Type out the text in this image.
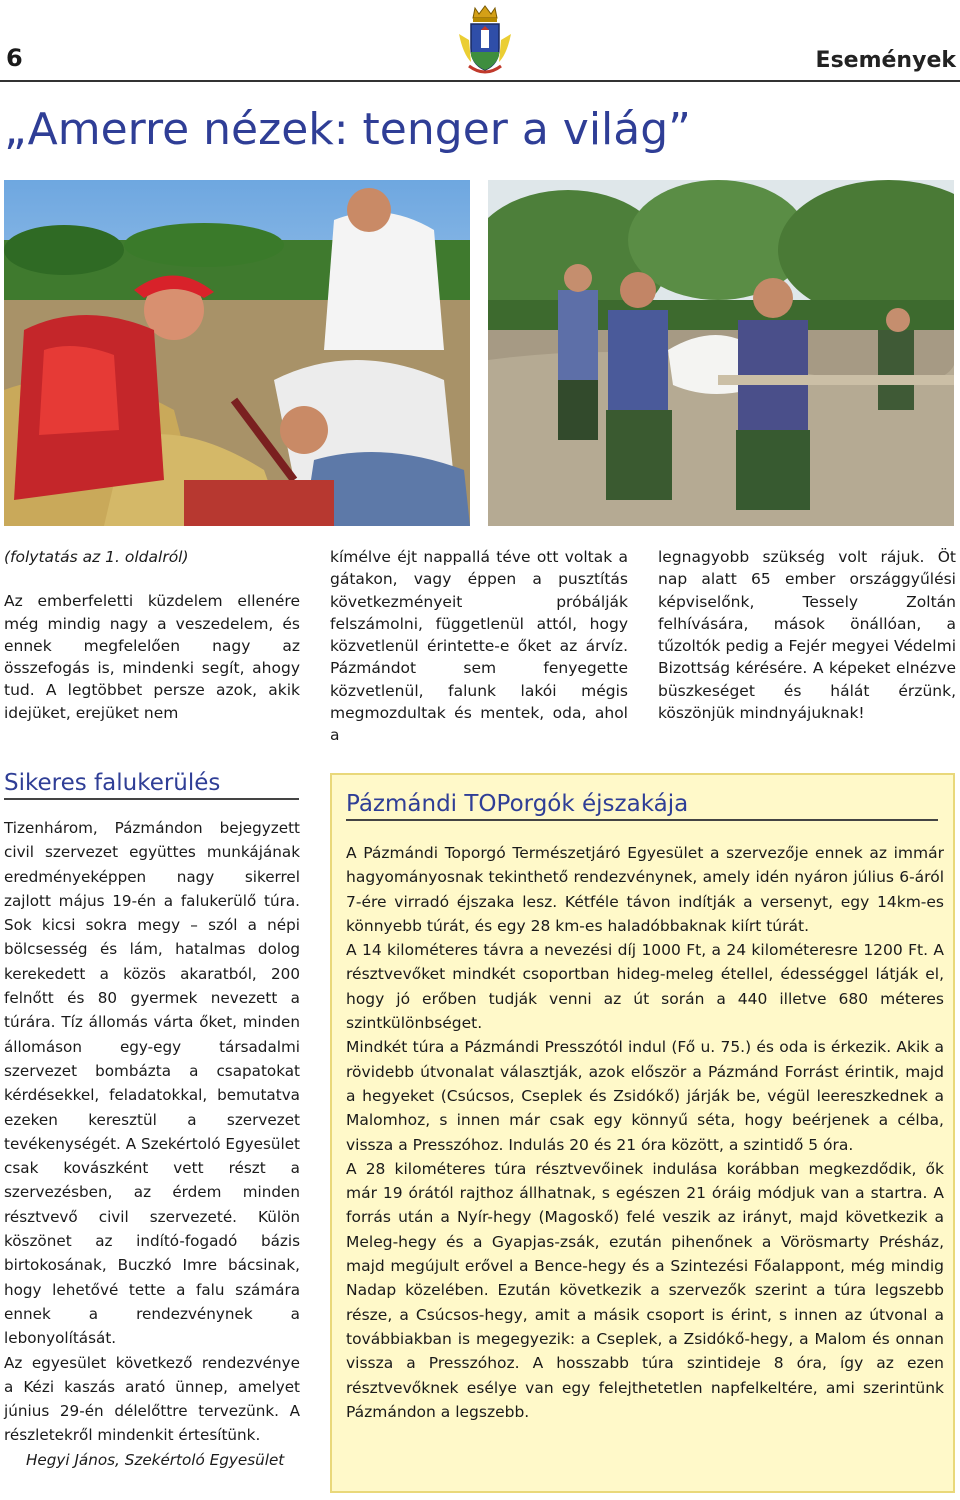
6	Események
„Amerre nézek: tenger a világ”

(folytatás az 1. oldalról)

Az emberfeletti küzdelem ellenére még mindig nagy a veszedelem, és ennek megfelelően nagy az összefogás is, mindenki segít, ahogy tud. A legtöbbet persze azok, akik idejüket, erejüket nem

kímélve éjt nappallá téve ott voltak a gátakon, vagy éppen a pusztítás következményeit próbálják felszámolni, függetlenül attól, hogy közvetlenül érintette-e őket az árvíz. Pázmándot sem fenyegette közvetlenül, falunk lakói mégis megmozdultak és mentek, oda, ahol a

legnagyobb szükség volt rájuk. Öt nap alatt 65 ember országgyűlési képviselőnk, Tessely Zoltán felhívására, mások önállóan, a tűzoltók pedig a Fejér megyei Védelmi Bizottság kérésére. A képeket elnézve büszkeséget és hálát érzünk, köszönjük mindnyájuknak!

Sikeres falukerülés

Tizenhárom, Pázmándon bejegyzett civil szervezet együttes munkájának eredményeképpen nagy sikerrel zajlott május 19-én a falukerülő túra. Sok kicsi sokra megy – szól a népi bölcsesség és lám, hatalmas dolog kerekedett a közös akaratból, 200 felnőtt és 80 gyermek nevezett a túrára. Tíz állomás várta őket, minden állomáson egy-egy társadalmi szervezet bombázta a csapatokat kérdésekkel, feladatokkal, bemutatva ezeken keresztül a szervezet tevékenységét. A Szekértoló Egyesület csak kovászként vett részt a szervezésben, az érdem minden résztvevő civil szervezeté. Külön köszönet az indító-fogadó bázis birtokosának, Buczkó Imre bácsinak, hogy lehetővé tette a falu számára ennek a rendezvénynek a lebonyolítását.

Az egyesület következő rendezvénye a Kézi kaszás arató ünnep, amelyet június 29-én délelőttre tervezünk. A részletekről mindenkit értesítünk.

Hegyi János, Szekértoló Egyesület

Pázmándi TOPorgók éjszakája

A Pázmándi Toporgó Természetjáró Egyesület a szervezője ennek az immár hagyományosnak tekinthető rendezvénynek, amely idén nyáron július 6-áról 7-ére virradó éjszaka lesz. Kétféle távon indítják a versenyt, egy 14km-es könnyebb túrát, és egy 28 km-es haladóbbaknak kiírt túrát.

A 14 kilométeres távra a nevezési díj 1000 Ft, a 24 kilométeresre 1200 Ft. A résztvevőket mindkét csoportban hideg-meleg étellel, édességgel látják el, hogy jó erőben tudják venni az út során a 440 illetve 680 méteres szintkülönbséget.

Mindkét túra a Pázmándi Presszótól indul (Fő u. 75.) és oda is érkezik. Akik a rövidebb útvonalat választják, azok először a Pázmánd Forrást érintik, majd a hegyeket (Csúcsos, Cseplek és Zsidókő) járják be, végül leereszkednek a Malomhoz, s innen már csak egy könnyű séta, hogy beérjenek a célba, vissza a Presszóhoz. Indulás 20 és 21 óra között, a szintidő 5 óra.

A 28 kilométeres túra résztvevőinek indulása korábban megkezdődik, ők már 19 órától rajthoz állhatnak, s egészen 21 óráig módjuk van a startra. A forrás után a Nyír-hegy (Magoskő) felé veszik az irányt, majd következik a Meleg-hegy és a Gyapjas-zsák, ezután pihenőnek a Vörösmarty Présház, majd megújult erővel a Bence-hegy és a Szintezési Főalappont, még mindig Nadap közelében. Ezután következik a szervezők szerint a túra legszebb része, a Csúcsos-hegy, amit a másik csoport is érint, s innen az útvonal a továbbiakban is megegyezik: a Cseplek, a Zsidókő-hegy, a Malom és onnan vissza a Presszóhoz. A hosszabb túra szintideje 8 óra, így az ezen résztvevőknek esélye van egy felejthetetlen napfelkeltére, ami szerintünk Pázmándon a legszebb.
